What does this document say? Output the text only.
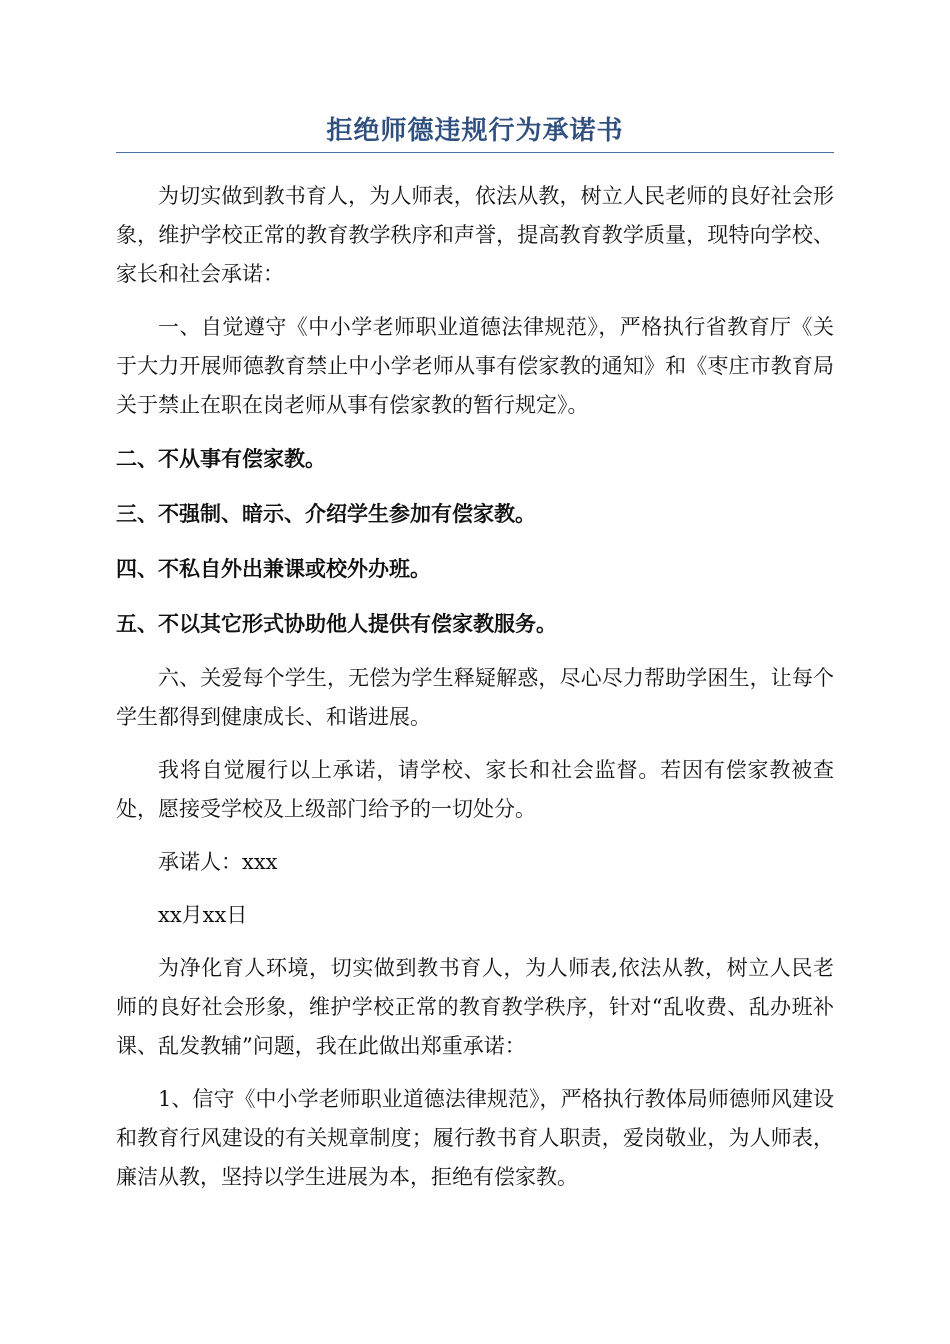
拒绝师德违规行为承诺书

为切实做到教书育人，为人师表，依法从教，树立人民老师的良好社会形象，维护学校正常的教育教学秩序和声誉，提高教育教学质量，现特向学校、家长和社会承诺：

一、自觉遵守《中小学老师职业道德法律规范》，严格执行省教育厅《关于大力开展师德教育禁止中小学老师从事有偿家教的通知》和《枣庄市教育局关于禁止在职在岗老师从事有偿家教的暂行规定》。

二、不从事有偿家教。

三、不强制、暗示、介绍学生参加有偿家教。

四、不私自外出兼课或校外办班。

五、不以其它形式协助他人提供有偿家教服务。

六、关爱每个学生，无偿为学生释疑解惑，尽心尽力帮助学困生，让每个学生都得到健康成长、和谐进展。

我将自觉履行以上承诺，请学校、家长和社会监督。若因有偿家教被查处，愿接受学校及上级部门给予的一切处分。

承诺人：xxx

xx月xx日

为净化育人环境，切实做到教书育人，为人师表,依法从教，树立人民老师的良好社会形象，维护学校正常的教育教学秩序，针对“乱收费、乱办班补课、乱发教辅”问题，我在此做出郑重承诺：

1、信守《中小学老师职业道德法律规范》，严格执行教体局师德师风建设和教育行风建设的有关规章制度；履行教书育人职责，爱岗敬业，为人师表，廉洁从教，坚持以学生进展为本，拒绝有偿家教。
